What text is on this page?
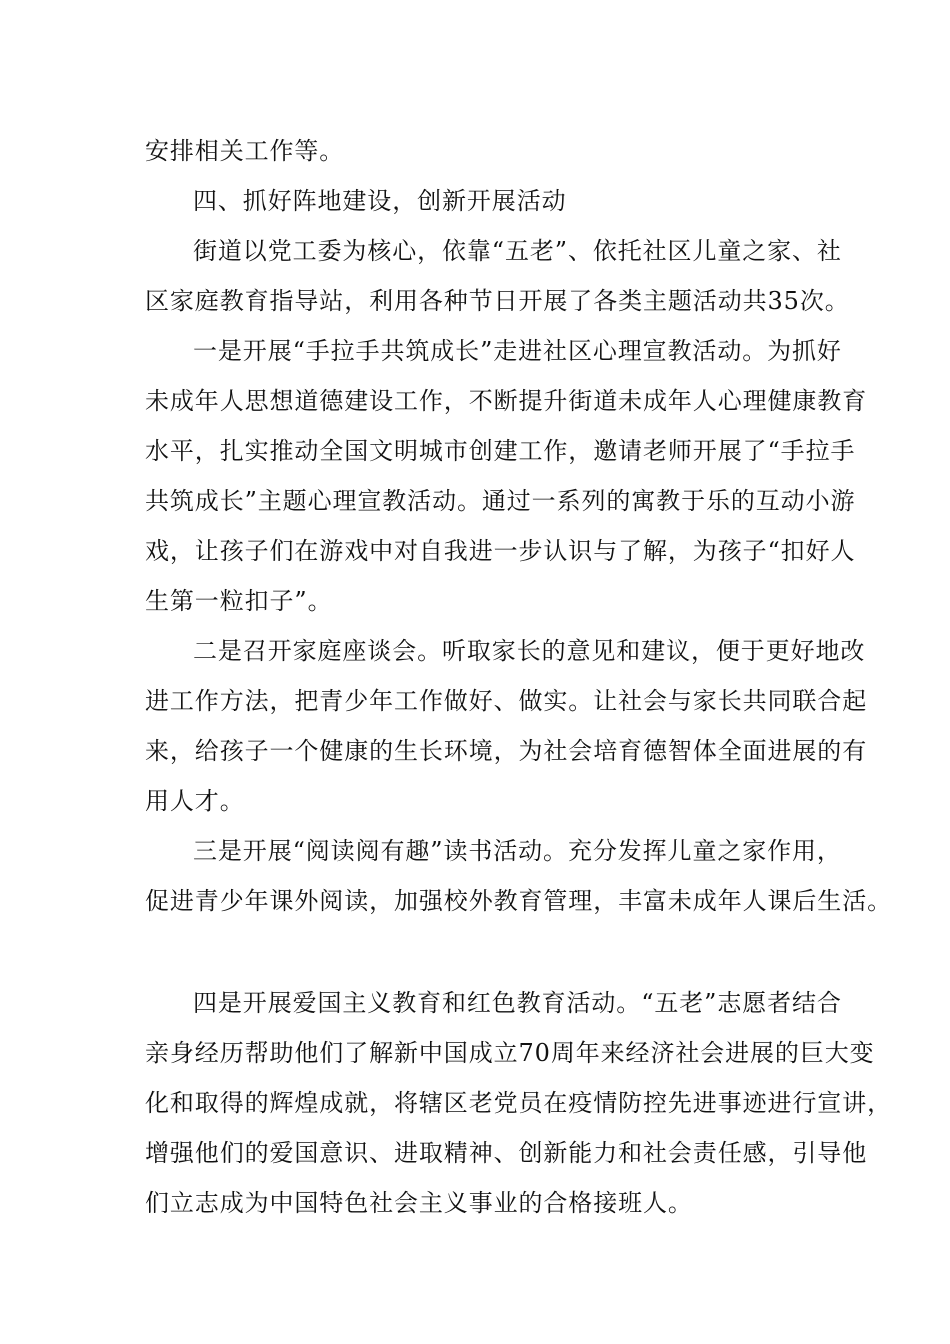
安排相关工作等。
四、抓好阵地建设，创新开展活动
街道以党工委为核心，依靠“五老”、依托社区儿童之家、社
区家庭教育指导站，利用各种节日开展了各类主题活动共35次。
一是开展“手拉手共筑成长”走进社区心理宣教活动。为抓好
未成年人思想道德建设工作，不断提升街道未成年人心理健康教育
水平，扎实推动全国文明城市创建工作，邀请老师开展了“手拉手
共筑成长”主题心理宣教活动。通过一系列的寓教于乐的互动小游
戏，让孩子们在游戏中对自我进一步认识与了解，为孩子“扣好人
生第一粒扣子”。
二是召开家庭座谈会。听取家长的意见和建议，便于更好地改
进工作方法，把青少年工作做好、做实。让社会与家长共同联合起
来，给孩子一个健康的生长环境，为社会培育德智体全面进展的有
用人才。
三是开展“阅读阅有趣”读书活动。充分发挥儿童之家作用，
促进青少年课外阅读，加强校外教育管理，丰富未成年人课后生活。
四是开展爱国主义教育和红色教育活动。“五老”志愿者结合
亲身经历帮助他们了解新中国成立70周年来经济社会进展的巨大变
化和取得的辉煌成就，将辖区老党员在疫情防控先进事迹进行宣讲，
增强他们的爱国意识、进取精神、创新能力和社会责任感，引导他
们立志成为中国特色社会主义事业的合格接班人。
